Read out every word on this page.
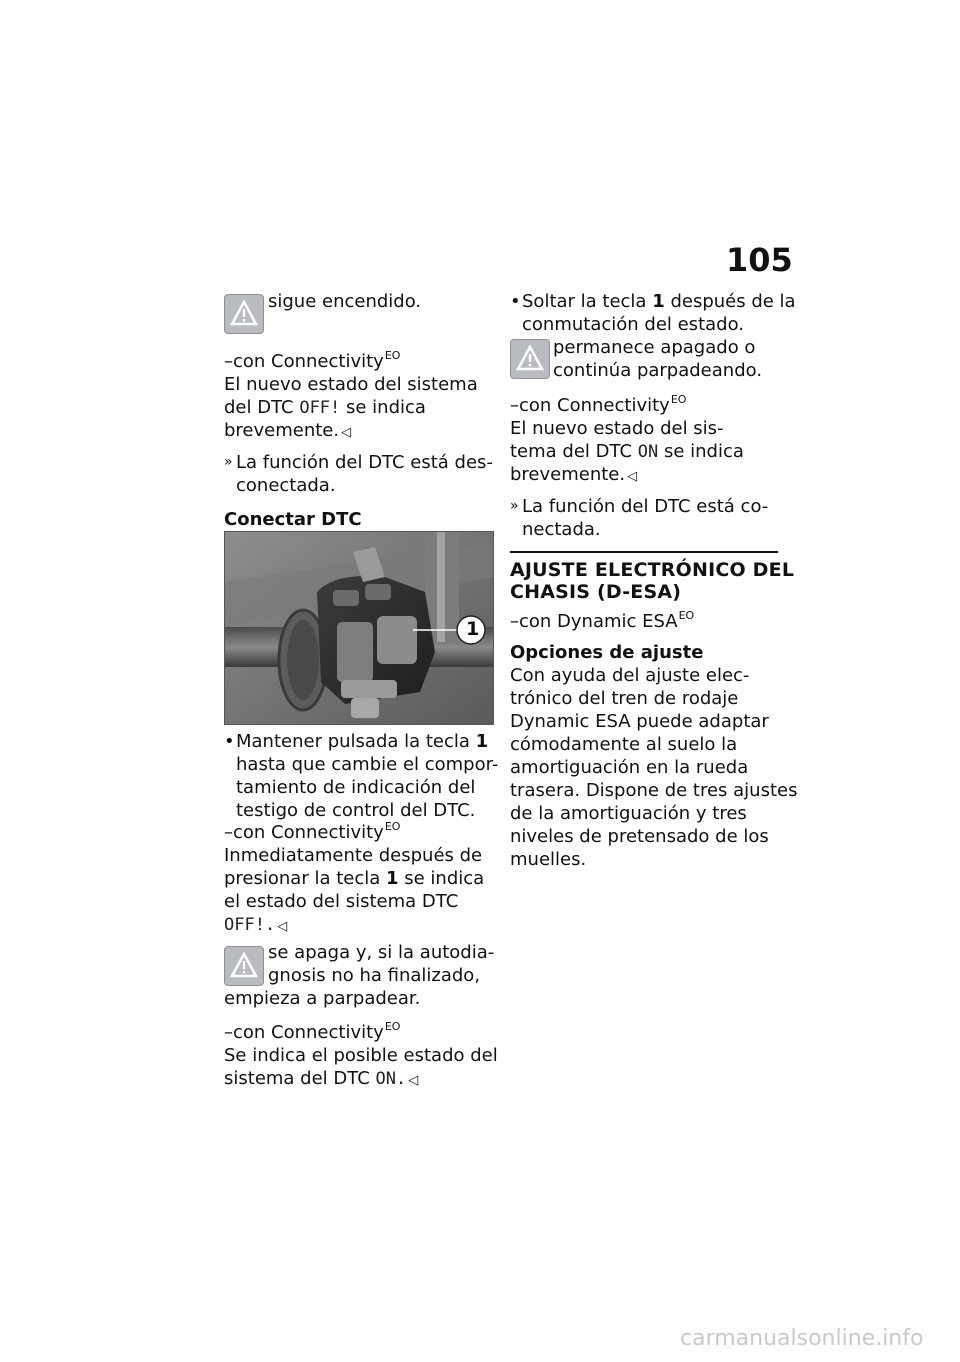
105
sigue encendido.
–con Connectivity$^{EO}$
El nuevo estado del sistema
del DTC OFF! se indica
brevemente. ◁
» La función del DTC está des-
conectada.
Conectar DTC
1
• Mantener pulsada la tecla 1
hasta que cambie el compor-
tamiento de indicación del
testigo de control del DTC.
–con Connectivity$^{EO}$
Inmediatamente después de
presionar la tecla 1 se indica
el estado del sistema DTC
OFF!. ◁
se apaga y, si la autodia-
gnosis no ha finalizado,
empieza a parpadear.
–con Connectivity$^{EO}$
Se indica el posible estado del
sistema del DTC ON. ◁
• Soltar la tecla 1 después de la
conmutación del estado.
permanece apagado o
continúa parpadeando.
–con Connectivity$^{EO}$
El nuevo estado del sis-
tema del DTC ON se indica
brevemente. ◁
» La función del DTC está co-
nectada.
AJUSTE ELECTRÓNICO DEL
CHASIS (D-ESA)
–con Dynamic $ESA^{EO}$
Opciones de ajuste
Con ayuda del ajuste elec-
trónico del tren de rodaje
Dynamic ESA puede adaptar
cómodamente al suelo la
amortiguación en la rueda
trasera. Dispone de tres ajustes
de la amortiguación y tres
niveles de pretensado de los
muelles.
carmanualsonline.info
